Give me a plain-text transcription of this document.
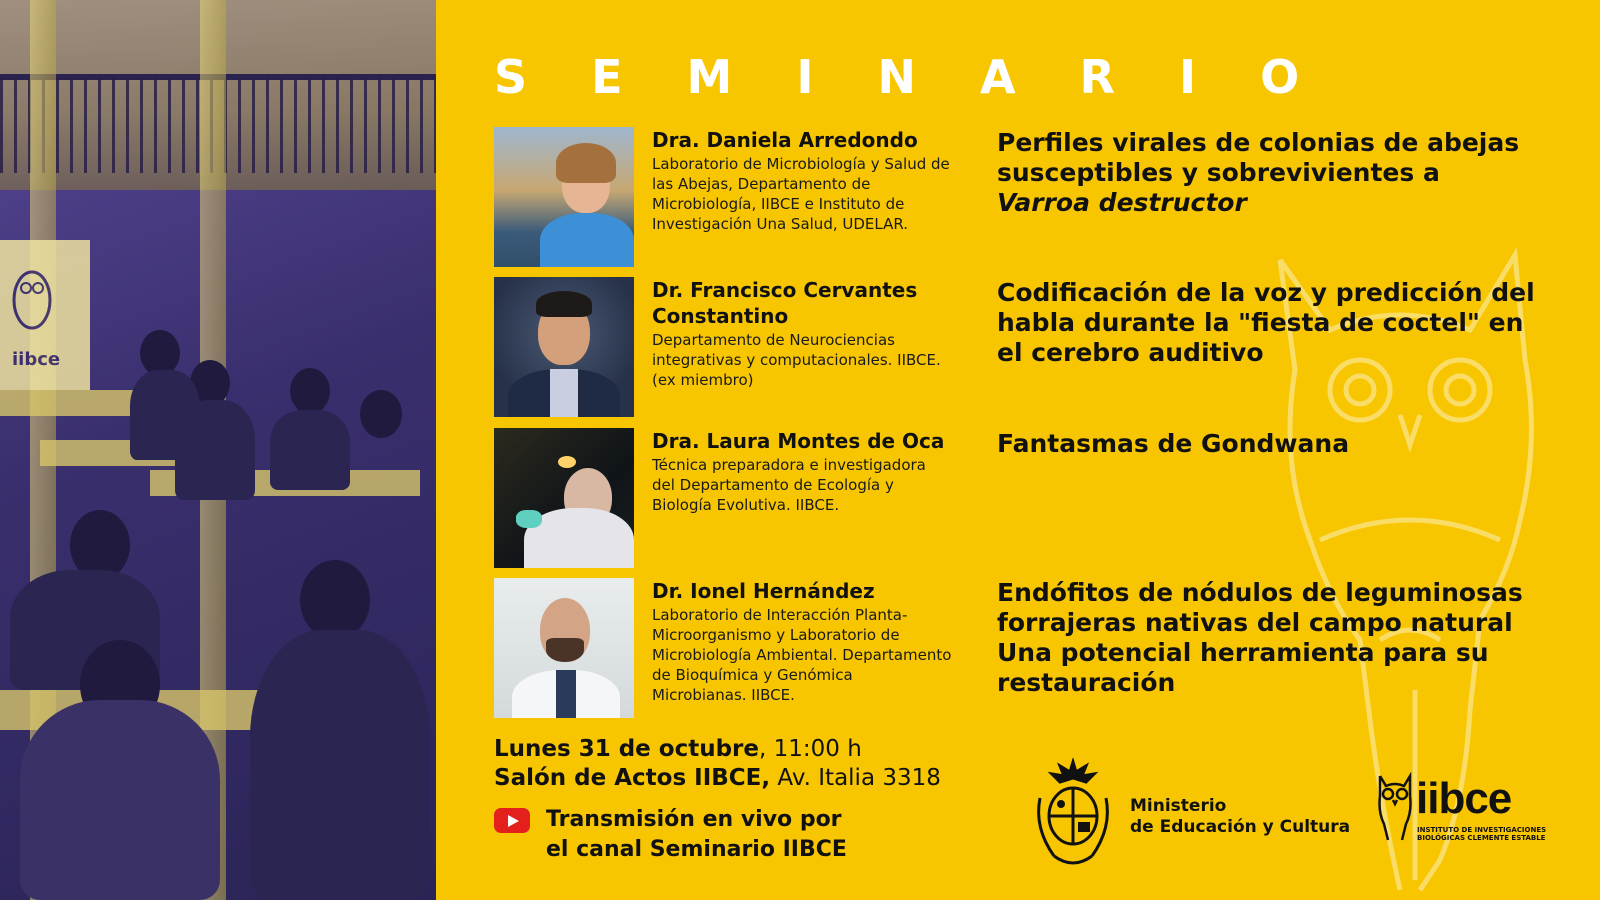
iibce
SEMINARIO
Dra. Daniela Arredondo
Laboratorio de Microbiología y Salud de las Abejas, Departamento de Microbiología, IIBCE e Instituto de Investigación Una Salud, UDELAR.
Perfiles virales de colonias de abejas susceptibles y sobrevivientes a Varroa destructor
Dr. Francisco Cervantes Constantino
Departamento de Neurociencias integrativas y computacionales. IIBCE. (ex miembro)
Codificación de la voz y predicción del habla durante la "fiesta de coctel" en el cerebro auditivo
Dra. Laura Montes de Oca
Técnica preparadora e investigadora del Departamento de Ecología y Biología Evolutiva. IIBCE.
Fantasmas de Gondwana
Dr. Ionel Hernández
Laboratorio de Interacción Planta-Microorganismo y Laboratorio de Microbiología Ambiental. Departamento de Bioquímica y Genómica Microbianas. IIBCE.
Endófitos de nódulos de leguminosas forrajeras nativas del campo natural Una potencial herramienta para su restauración
Lunes 31 de octubre, 11:00 h
Salón de Actos IIBCE, Av. Italia 3318
Transmisión en vivo por
el canal Seminario IIBCE
Ministerio
de Educación y Cultura
iibce
INSTITUTO DE INVESTIGACIONES
BIOLÓGICAS CLEMENTE ESTABLE
